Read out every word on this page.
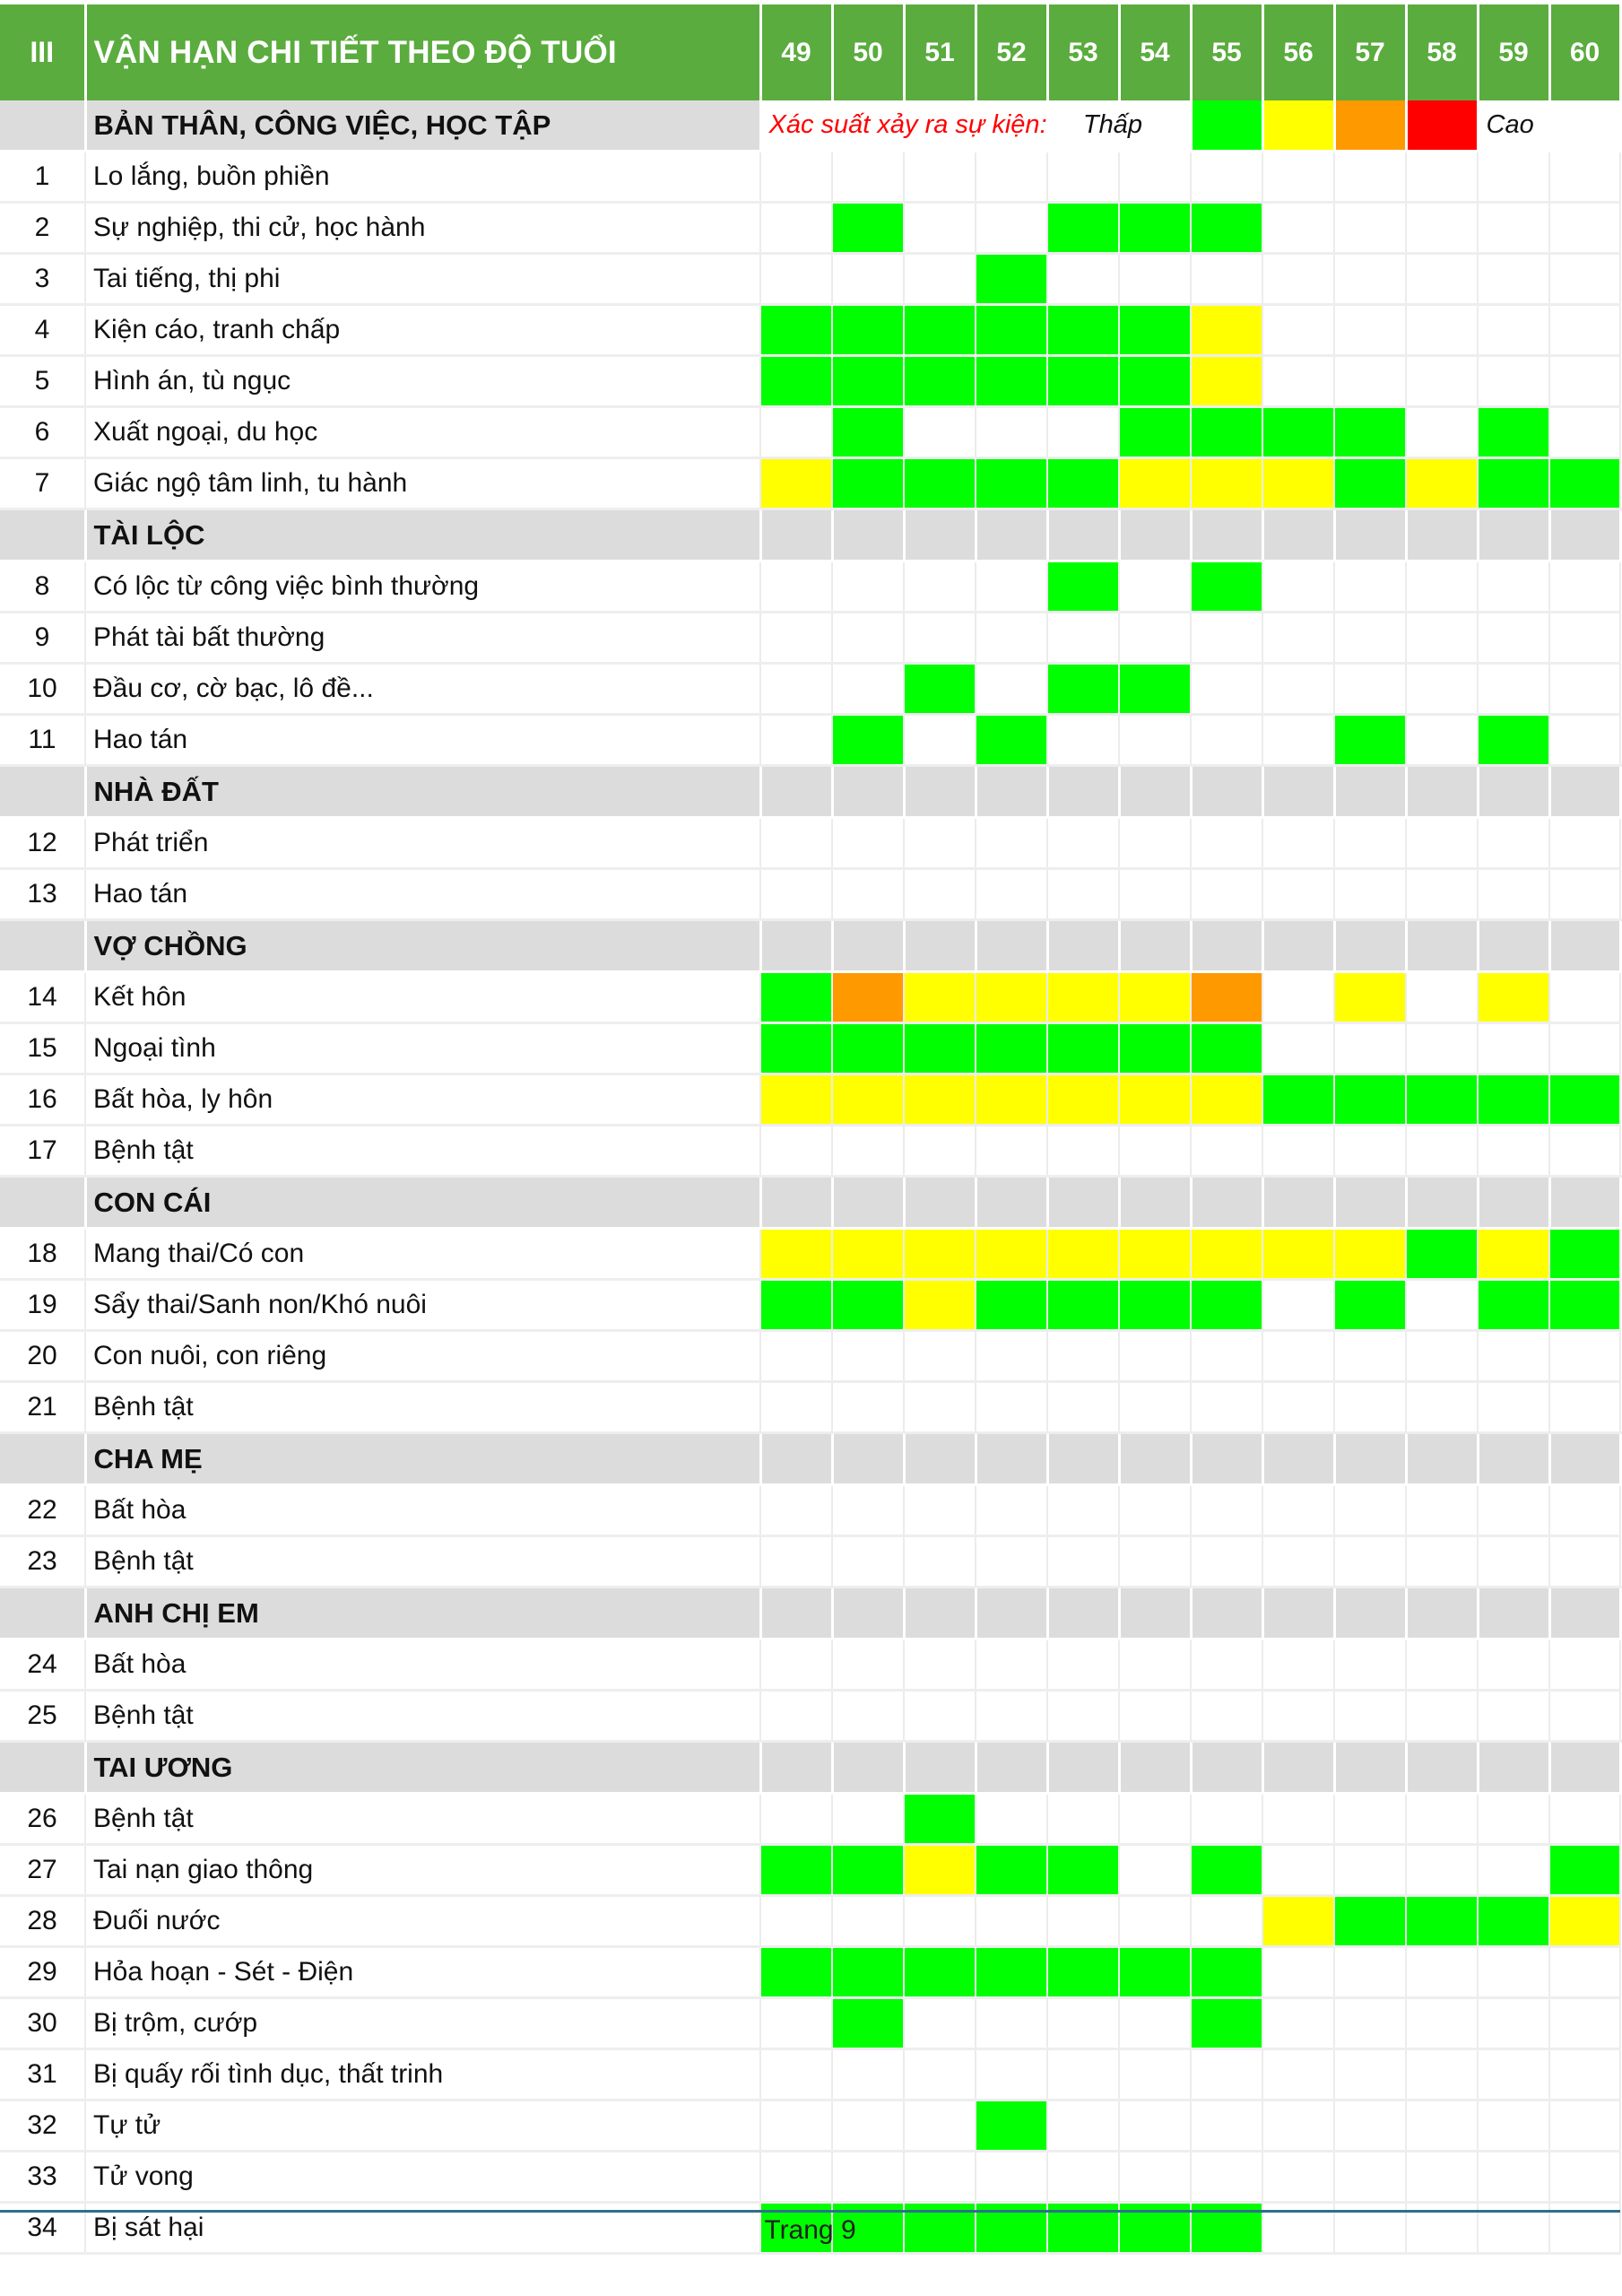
III	VẬN HẠN CHI TIẾT THEO ĐỘ TUỔI	49	50	51	52	53	54	55	56	57	58	59	60
	BẢN THÂN, CÔNG VIỆC, HỌC TẬP	Xác suất xảy ra sự kiện: Thấp										Cao	
1	Lo lắng, buồn phiền												
2	Sự nghiệp, thi cử, học hành												
3	Tai tiếng, thị phi												
4	Kiện cáo, tranh chấp												
5	Hình án, tù ngục												
6	Xuất ngoại, du học												
7	Giác ngộ tâm linh, tu hành												
	TÀI LỘC												
8	Có lộc từ công việc bình thường												
9	Phát tài bất thường												
10	Đầu cơ, cờ bạc, lô đề...												
11	Hao tán												
	NHÀ ĐẤT												
12	Phát triển												
13	Hao tán												
	VỢ CHỒNG												
14	Kết hôn												
15	Ngoại tình												
16	Bất hòa, ly hôn												
17	Bệnh tật												
	CON CÁI												
18	Mang thai/Có con												
19	Sẩy thai/Sanh non/Khó nuôi												
20	Con nuôi, con riêng												
21	Bệnh tật												
	CHA MẸ												
22	Bất hòa												
23	Bệnh tật												
	ANH CHỊ EM												
24	Bất hòa												
25	Bệnh tật												
	TAI ƯƠNG												
26	Bệnh tật												
27	Tai nạn giao thông												
28	Đuối nước												
29	Hỏa hoạn - Sét - Điện												
30	Bị trộm, cướp												
31	Bị quấy rối tình dục, thất trinh												
32	Tự tử												
33	Tử vong												
34	Bị sát hại													Trang 9
